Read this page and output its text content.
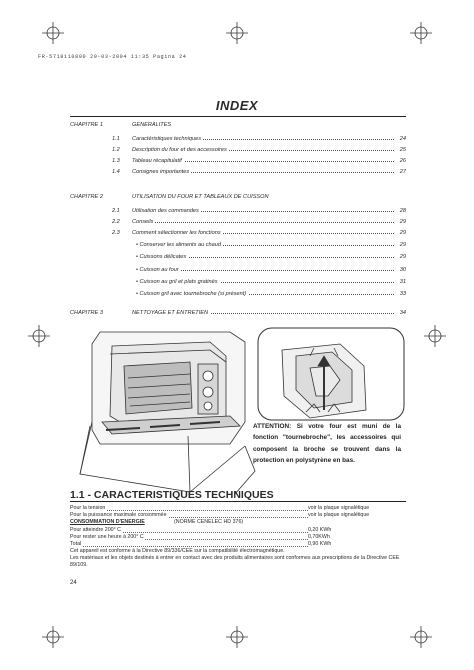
FR-5718110800 20-03-2004 11:35 Pagina 24
INDEX
CHAPITRE 1	GENERALITES
1.1	Caractéristiques techniques	24
1.2	Description du four et des accessoires	25
1.3	Tableau récapitulatif	26
1.4	Consignes importantes	27
CHAPITRE 2	UTILISATION DU FOUR ET TABLEAUX DE CUISSON
2.1	Utilisation des commandes	28
2.2	Conseils	29
2.3	Comment sélectionner les fonctions	29
• Conserver les aliments au chaud	29
• Cuissons délicates	29
• Cuisson au four	30
• Cuisson au gril et plats gratinés	31
• Cuisson gril avec tournebroche (si présent)	33
CHAPITRE 3	NETTOYAGE ET ENTRETIEN	34
ATTENTION: Si votre four est muni de la fonction "tournebroche", les accessoires qui composent la broche se trouvent dans la protection en polystyrène en bas.
1.1 - CARACTERISTIQUES TECHNIQUES
Pour la tension	voir la plaque signalétique
Pour la puissance maximale consommée	voir la plaque signalétique
CONSOMMATION D'ENERGIE	(NORME CENELEC HD 376)
Pour atteindre 200° C	0,20 KWh
Pour rester une heure à 200° C	0,70KWh
Total	0,90 KWh
Cet appareil est conforme à la Directive 89/336/CEE sur la compatibilité électromagnétique.
Les matériaux et les objets destinés à entrer en contact avec des produits alimentaires sont conformes aux prescriptions de la Directive CEE 89/109.
24
